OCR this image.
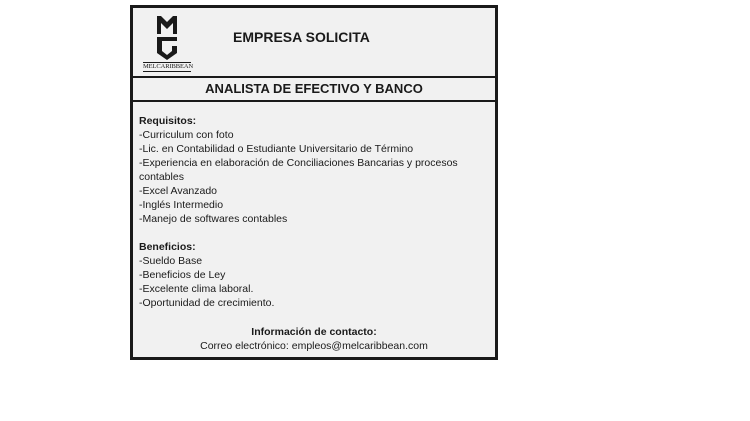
MELCARIBBEAN
EMPRESA SOLICITA
ANALISTA DE EFECTIVO Y BANCO
Requisitos:
-Curriculum con foto
-Lic. en Contabilidad o Estudiante Universitario de Término
-Experiencia en elaboración de Conciliaciones Bancarias y procesos contables
-Excel Avanzado
-Inglés Intermedio
-Manejo de softwares contables
Beneficios:
-Sueldo Base
-Beneficios de Ley
-Excelente clima laboral.
-Oportunidad de crecimiento.
Información de contacto:
Correo electrónico: empleos@melcaribbean.com
